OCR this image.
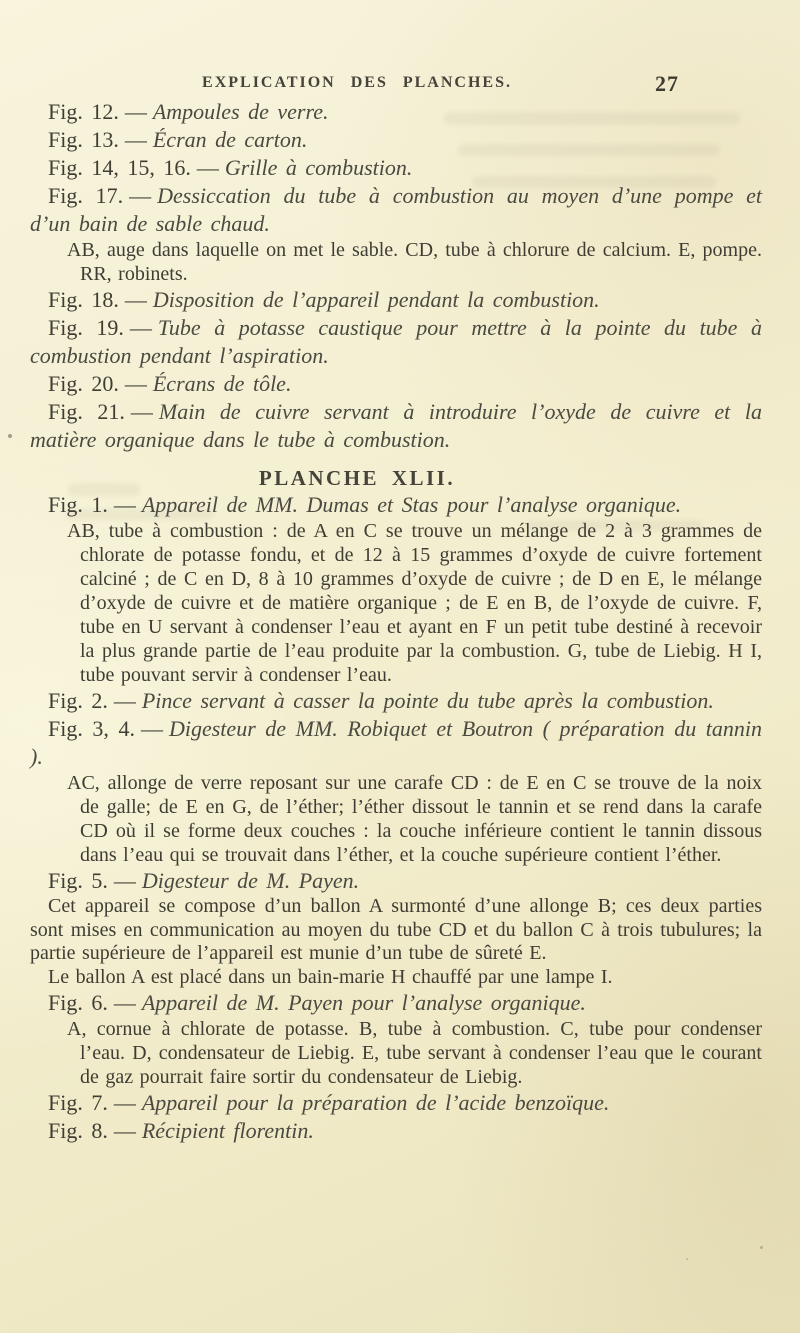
EXPLICATION DES PLANCHES.	27

Fig. 12. — Ampoules de verre.

Fig. 13. — Écran de carton.

Fig. 14, 15, 16. — Grille à combustion.

Fig. 17. — Dessiccation du tube à combustion au moyen d’une pompe et d’un bain de sable chaud.

AB, auge dans laquelle on met le sable. CD, tube à chlorure de calcium. E, pompe. RR, robinets.

Fig. 18. — Disposition de l’appareil pendant la combustion.

Fig. 19. — Tube à potasse caustique pour mettre à la pointe du tube à combustion pendant l’aspiration.

Fig. 20. — Écrans de tôle.

Fig. 21. — Main de cuivre servant à introduire l’oxyde de cuivre et la matière organique dans le tube à combustion.

PLANCHE XLII.

Fig. 1. — Appareil de MM. Dumas et Stas pour l’analyse organique.

AB, tube à combustion : de A en C se trouve un mélange de 2 à 3 grammes de chlorate de potasse fondu, et de 12 à 15 grammes d’oxyde de cuivre fortement calciné ; de C en D, 8 à 10 grammes d’oxyde de cuivre ; de D en E, le mélange d’oxyde de cuivre et de matière organique ; de E en B, de l’oxyde de cuivre. F, tube en U servant à condenser l’eau et ayant en F un petit tube destiné à recevoir la plus grande partie de l’eau produite par la combustion. G, tube de Liebig. H I, tube pouvant servir à condenser l’eau.

Fig. 2. — Pince servant à casser la pointe du tube après la combustion.

Fig. 3, 4. — Digesteur de MM. Robiquet et Boutron ( préparation du tannin ).

AC, allonge de verre reposant sur une carafe CD : de E en C se trouve de la noix de galle; de E en G, de l’éther; l’éther dissout le tannin et se rend dans la carafe CD où il se forme deux couches : la couche inférieure contient le tannin dissous dans l’eau qui se trouvait dans l’éther, et la couche supérieure contient l’éther.

Fig. 5. — Digesteur de M. Payen.

Cet appareil se compose d’un ballon A surmonté d’une allonge B; ces deux parties sont mises en communication au moyen du tube CD et du ballon C à trois tubulures; la partie supérieure de l’appareil est munie d’un tube de sûreté E.

Le ballon A est placé dans un bain-marie H chauffé par une lampe I.

Fig. 6. — Appareil de M. Payen pour l’analyse organique.

A, cornue à chlorate de potasse. B, tube à combustion. C, tube pour condenser l’eau. D, condensateur de Liebig. E, tube servant à condenser l’eau que le courant de gaz pourrait faire sortir du condensateur de Liebig.

Fig. 7. — Appareil pour la préparation de l’acide benzoïque.

Fig. 8. — Récipient florentin.
